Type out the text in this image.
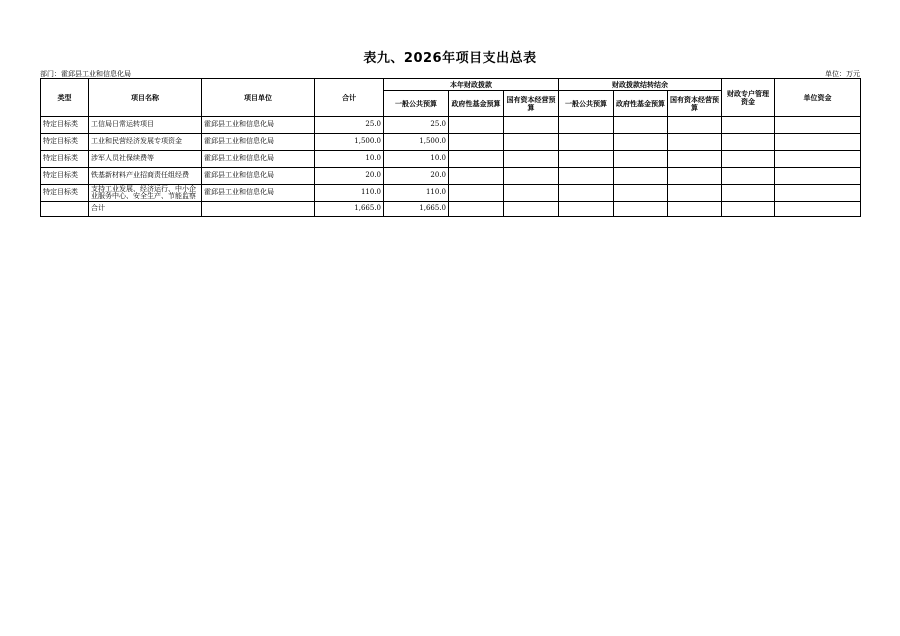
表九、2026年项目支出总表
部门：霍邱县工业和信息化局	单位：万元
类型	项目名称	项目单位	合计	本年财政拨款			财政拨款结转结余			财政专户管理资金	单位资金
				一般公共预算	政府性基金预算	国有资本经营预算	一般公共预算	政府性基金预算	国有资本经营预算		
特定目标类	工信局日常运转项目	霍邱县工业和信息化局	25.0	25.0							
特定目标类	工业和民营经济发展专项资金	霍邱县工业和信息化局	1,500.0	1,500.0							
特定目标类	涉军人员社保续费等	霍邱县工业和信息化局	10.0	10.0							
特定目标类	铁基新材料产业招商责任组经费	霍邱县工业和信息化局	20.0	20.0							
特定目标类	支持工业发展、经济运行、中小企业服务中心、安全生产、节能监察	霍邱县工业和信息化局	110.0	110.0							
	合计		1,665.0	1,665.0							
